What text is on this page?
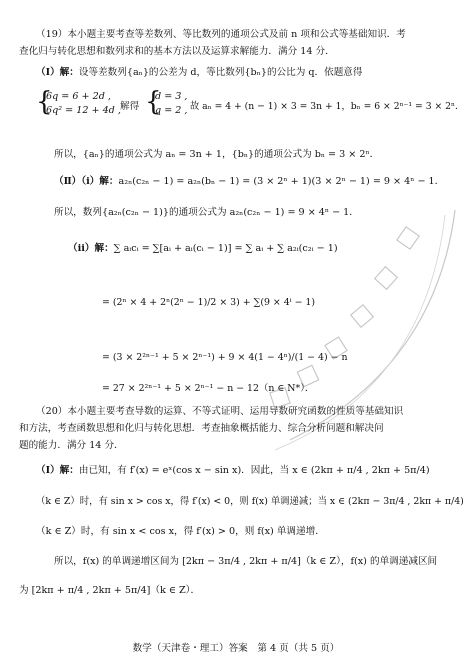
（19）本小题主要考查等差数列、等比数列的通项公式及前 n 项和公式等基础知识．考
查化归与转化思想和数列求和的基本方法以及运算求解能力．满分 14 分．
（Ⅰ）解：设等差数列{aₙ}的公差为 d，等比数列{bₙ}的公比为 q．依题意得
{
6q = 6 + 2d ,
6q² = 12 + 4d , 解得 {
d = 3 ,
q = 2 , 故 aₙ = 4 + (n − 1) × 3 = 3n + 1，bₙ = 6 × 2ⁿ⁻¹ = 3 × 2ⁿ．
所以，{aₙ}的通项公式为 aₙ = 3n + 1，{bₙ}的通项公式为 bₙ = 3 × 2ⁿ．
（Ⅱ）（ⅰ）解：a₂ₙ(c₂ₙ − 1) = a₂ₙ(bₙ − 1) = (3 × 2ⁿ + 1)(3 × 2ⁿ − 1) = 9 × 4ⁿ − 1．
所以，数列{a₂ₙ(c₂ₙ − 1)}的通项公式为 a₂ₙ(c₂ₙ − 1) = 9 × 4ⁿ − 1．
（ⅱ）解：∑ aᵢcᵢ = ∑[aᵢ + aᵢ(cᵢ − 1)] = ∑ aᵢ + ∑ a₂ᵢ(c₂ᵢ − 1)
= (2ⁿ × 4 + 2ⁿ(2ⁿ − 1)/2 × 3) + ∑(9 × 4ⁱ − 1)
= (3 × 2²ⁿ⁻¹ + 5 × 2ⁿ⁻¹) + 9 × 4(1 − 4ⁿ)/(1 − 4) − n
= 27 × 2²ⁿ⁻¹ + 5 × 2ⁿ⁻¹ − n − 12（n ∈ N*）．
（20）本小题主要考查导数的运算、不等式证明、运用导数研究函数的性质等基础知识
和方法，考查函数思想和化归与转化思想．考查抽象概括能力、综合分析问题和解决问
题的能力．满分 14 分．
（Ⅰ）解：由已知，有 f′(x) = eˣ(cos x − sin x)．因此，当 x ∈ (2kπ + π/4 , 2kπ + 5π/4)
（k ∈ Z）时，有 sin x > cos x，得 f′(x) < 0，则 f(x) 单调递减；当 x ∈ (2kπ − 3π/4 , 2kπ + π/4)
（k ∈ Z）时，有 sin x < cos x，得 f′(x) > 0，则 f(x) 单调递增．
所以，f(x) 的单调递增区间为 [2kπ − 3π/4 , 2kπ + π/4]（k ∈ Z），f(x) 的单调递减区间
为 [2kπ + π/4 , 2kπ + 5π/4]（k ∈ Z）．
数学（天津卷・理工）答案　第 4 页（共 5 页）
